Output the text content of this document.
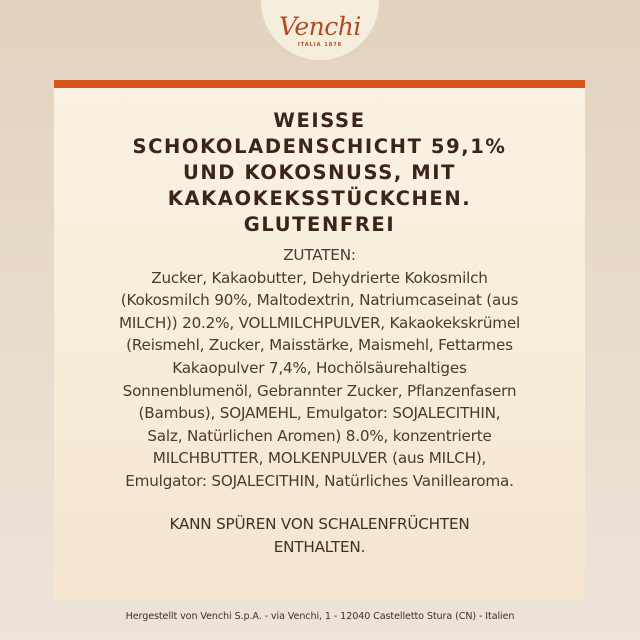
Venchi
ITALIA 1878
WEISSE
SCHOKOLADENSCHICHT 59,1%
UND KOKOSNUSS, MIT
KAKAOKEKSSTÜCKCHEN.
GLUTENFREI
ZUTATEN:
Zucker, Kakaobutter, Dehydrierte Kokosmilch
(Kokosmilch 90%, Maltodextrin, Natriumcaseinat (aus
MILCH)) 20.2%, VOLLMILCHPULVER, Kakaokekskrümel
(Reismehl, Zucker, Maisstärke, Maismehl, Fettarmes
Kakaopulver 7,4%, Hochölsäurehaltiges
Sonnenblumenöl, Gebrannter Zucker, Pflanzenfasern
(Bambus), SOJAMEHL, Emulgator: SOJALECITHIN,
Salz, Natürlichen Aromen) 8.0%, konzentrierte
MILCHBUTTER, MOLKENPULVER (aus MILCH),
Emulgator: SOJALECITHIN, Natürliches Vanillearoma.
KANN SPÜREN VON SCHALENFRÜCHTEN
ENTHALTEN.
Hergestellt von Venchi S.p.A. - via Venchi, 1 - 12040 Castelletto Stura (CN) - Italien
